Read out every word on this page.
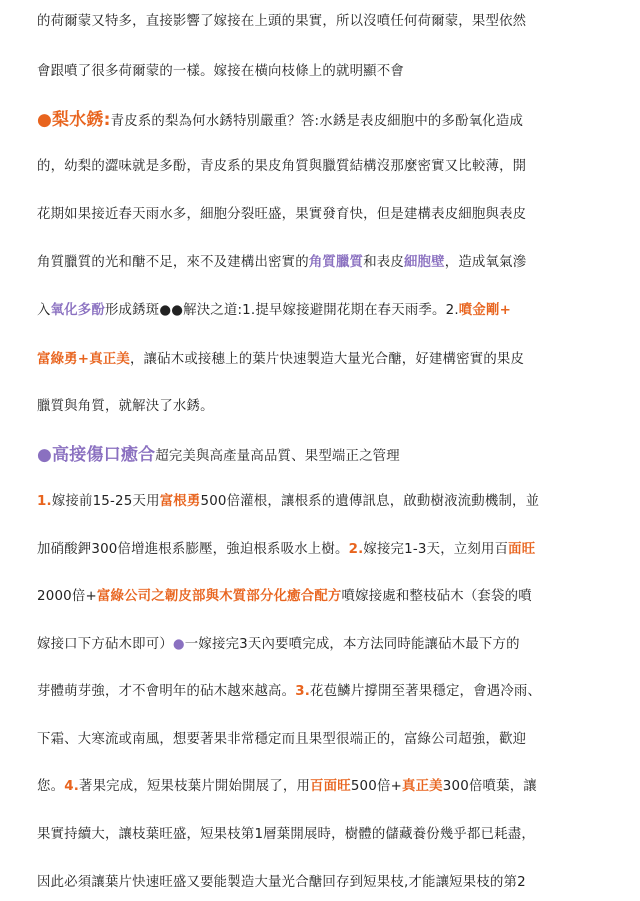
的荷爾蒙又特多，直接影響了嫁接在上頭的果實，所以沒噴任何荷爾蒙，果型依然
會跟噴了很多荷爾蒙的一樣。嫁接在橫向枝條上的就明顯不會
●梨水銹:青皮系的梨為何水銹特別嚴重？答:水銹是表皮細胞中的多酚氧化造成
的，幼梨的澀味就是多酚，青皮系的果皮角質與臘質結構沒那麼密實又比較薄，開
花期如果接近春天雨水多，細胞分裂旺盛，果實發育快，但是建構表皮細胞與表皮
角質臘質的光和醣不足，來不及建構出密實的角質臘質和表皮細胞壁，造成氧氣滲
入氧化多酚形成銹斑●●解決之道:1.提早嫁接避開花期在春天雨季。2.噴金剛+
富綠勇+真正美，讓砧木或接穗上的葉片快速製造大量光合醣，好建構密實的果皮
臘質與角質，就解決了水銹。
●高接傷口癒合超完美與高產量高品質、果型端正之管理
1.嫁接前15-25天用富根勇500倍灌根，讓根系的遺傳訊息，啟動樹液流動機制，並
加硝酸鉀300倍增進根系膨壓，強迫根系吸水上樹。2.嫁接完1-3天，立刻用百面旺
2000倍+富綠公司之韌皮部與木質部分化癒合配方噴嫁接處和整枝砧木（套袋的噴
嫁接口下方砧木即可）●一嫁接完3天內要噴完成，本方法同時能讓砧木最下方的
芽體萌芽強，才不會明年的砧木越來越高。3.花苞鱗片撐開至著果穩定，會遇冷雨、
下霜、大寒流或南風，想要著果非常穩定而且果型很端正的，富綠公司超強，歡迎
您。4.著果完成，短果枝葉片開始開展了，用百面旺500倍+真正美300倍噴葉，讓
果實持續大，讓枝葉旺盛，短果枝第1層葉開展時，樹體的儲藏養份幾乎都已耗盡，
因此必須讓葉片快速旺盛又要能製造大量光合醣回存到短果枝,才能讓短果枝的第2
